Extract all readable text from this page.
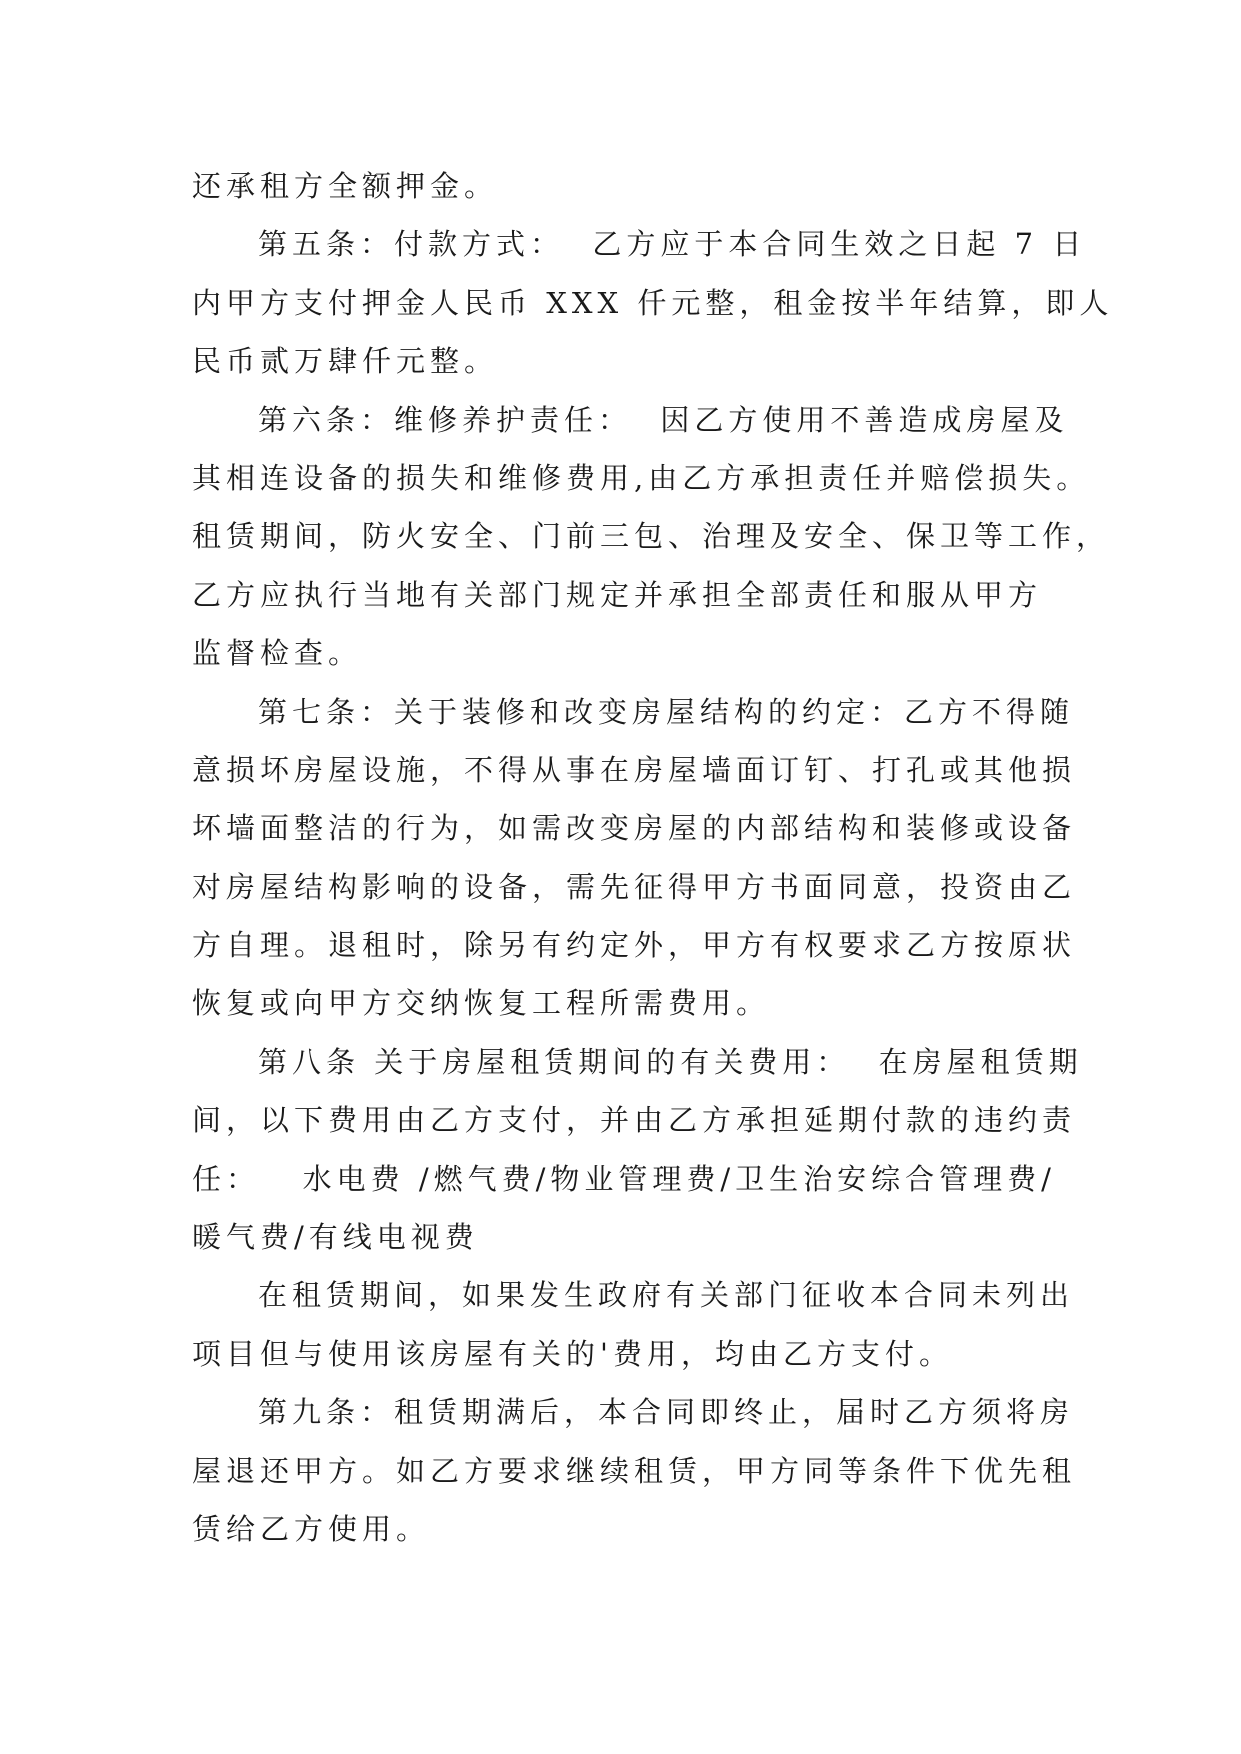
还承租方全额押金。
第五条：付款方式：  乙方应于本合同生效之日起 7 日
内甲方支付押金人民币 XXX 仟元整，租金按半年结算，即人
民币贰万肆仟元整。
第六条：维修养护责任：  因乙方使用不善造成房屋及
其相连设备的损失和维修费用,由乙方承担责任并赔偿损失。
租赁期间，防火安全、门前三包、治理及安全、保卫等工作，
乙方应执行当地有关部门规定并承担全部责任和服从甲方
监督检查。
第七条：关于装修和改变房屋结构的约定：乙方不得随
意损坏房屋设施，不得从事在房屋墙面订钉、打孔或其他损
坏墙面整洁的行为，如需改变房屋的内部结构和装修或设备
对房屋结构影响的设备，需先征得甲方书面同意，投资由乙
方自理。退租时，除另有约定外，甲方有权要求乙方按原状
恢复或向甲方交纳恢复工程所需费用。
第八条 关于房屋租赁期间的有关费用：  在房屋租赁期
间，以下费用由乙方支付，并由乙方承担延期付款的违约责
任：   水电费 /燃气费/物业管理费/卫生治安综合管理费/
暖气费/有线电视费
在租赁期间，如果发生政府有关部门征收本合同未列出
项目但与使用该房屋有关的'费用，均由乙方支付。
第九条：租赁期满后，本合同即终止，届时乙方须将房
屋退还甲方。如乙方要求继续租赁，甲方同等条件下优先租
赁给乙方使用。
